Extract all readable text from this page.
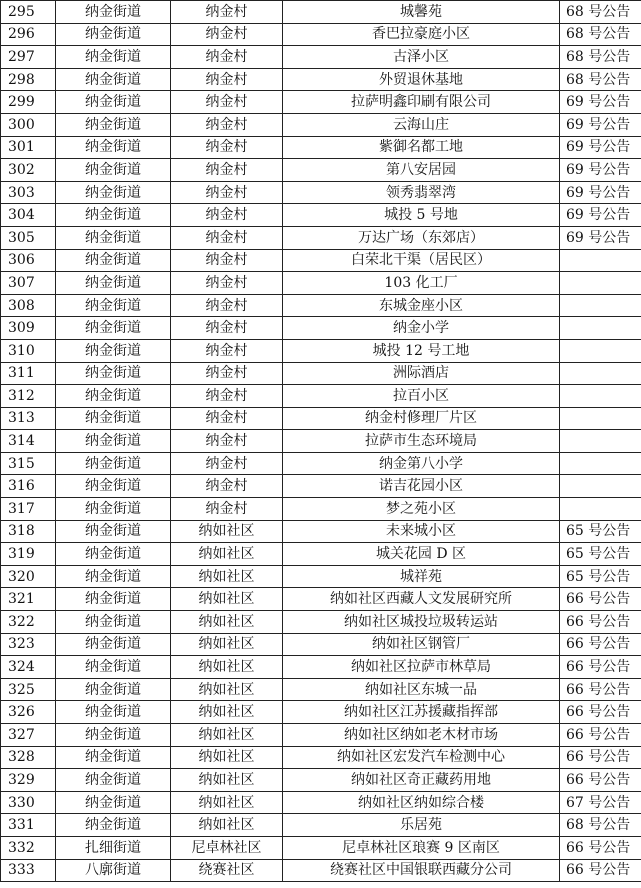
295	纳金街道	纳金村	城馨苑	68 号公告
296	纳金街道	纳金村	香巴拉豪庭小区	68 号公告
297	纳金街道	纳金村	古泽小区	68 号公告
298	纳金街道	纳金村	外贸退休基地	68 号公告
299	纳金街道	纳金村	拉萨明鑫印刷有限公司	69 号公告
300	纳金街道	纳金村	云海山庄	69 号公告
301	纳金街道	纳金村	紫御名都工地	69 号公告
302	纳金街道	纳金村	第八安居园	69 号公告
303	纳金街道	纳金村	领秀翡翠湾	69 号公告
304	纳金街道	纳金村	城投 5 号地	69 号公告
305	纳金街道	纳金村	万达广场（东郊店）	69 号公告
306	纳金街道	纳金村	白荣北干渠（居民区）	
307	纳金街道	纳金村	103 化工厂	
308	纳金街道	纳金村	东城金座小区	
309	纳金街道	纳金村	纳金小学	
310	纳金街道	纳金村	城投 12 号工地	
311	纳金街道	纳金村	洲际酒店	
312	纳金街道	纳金村	拉百小区	
313	纳金街道	纳金村	纳金村修理厂片区	
314	纳金街道	纳金村	拉萨市生态环境局	
315	纳金街道	纳金村	纳金第八小学	
316	纳金街道	纳金村	诺吉花园小区	
317	纳金街道	纳金村	梦之苑小区	
318	纳金街道	纳如社区	未来城小区	65 号公告
319	纳金街道	纳如社区	城关花园 D 区	65 号公告
320	纳金街道	纳如社区	城祥苑	65 号公告
321	纳金街道	纳如社区	纳如社区西藏人文发展研究所	66 号公告
322	纳金街道	纳如社区	纳如社区城投垃圾转运站	66 号公告
323	纳金街道	纳如社区	纳如社区钢管厂	66 号公告
324	纳金街道	纳如社区	纳如社区拉萨市林草局	66 号公告
325	纳金街道	纳如社区	纳如社区东城一品	66 号公告
326	纳金街道	纳如社区	纳如社区江苏援藏指挥部	66 号公告
327	纳金街道	纳如社区	纳如社区纳如老木材市场	66 号公告
328	纳金街道	纳如社区	纳如社区宏发汽车检测中心	66 号公告
329	纳金街道	纳如社区	纳如社区奇正藏药用地	66 号公告
330	纳金街道	纳如社区	纳如社区纳如综合楼	67 号公告
331	纳金街道	纳如社区	乐居苑	68 号公告
332	扎细街道	尼卓林社区	尼卓林社区琅赛 9 区南区	66 号公告
333	八廓街道	绕赛社区	绕赛社区中国银联西藏分公司	66 号公告
